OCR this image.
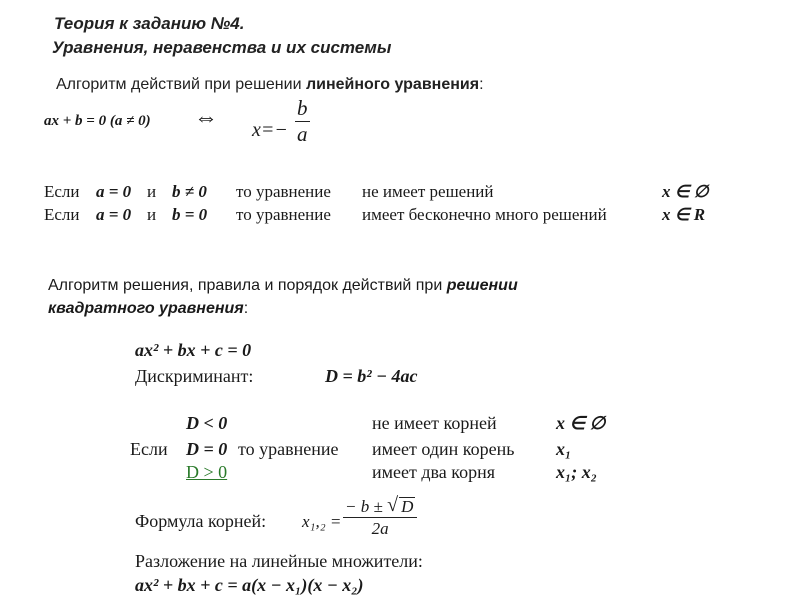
Теория к заданию №4.
Уравнения, неравенства и их системы
Алгоритм действий при решении линейного уравнения:
ax + b = 0 (a ≠ 0) ⇔ $x=- \frac{b}{a}$
Если a = 0 и b ≠ 0 то уравнение не имеет решений	x ∈ ∅
Если a = 0 и b = 0 то уравнение имеет бесконечно много решений	x ∈ R
Алгоритм решения, правила и порядок действий при решении
квадратного уравнения:
ax² + bx + c = 0
Дискриминант:	D = b² − 4ac
D < 0	не имеет корней	x ∈ ∅
Если D = 0 то уравнение имеет один корень x₁
D > 0	имеет два корня	x₁; x₂
Формула корней: $x_1,_2 = \frac{- b \pm √ D}{2a}$
Разложение на линейные множители:
ax² + bx + c = a(x − x₁)(x − x₂)
